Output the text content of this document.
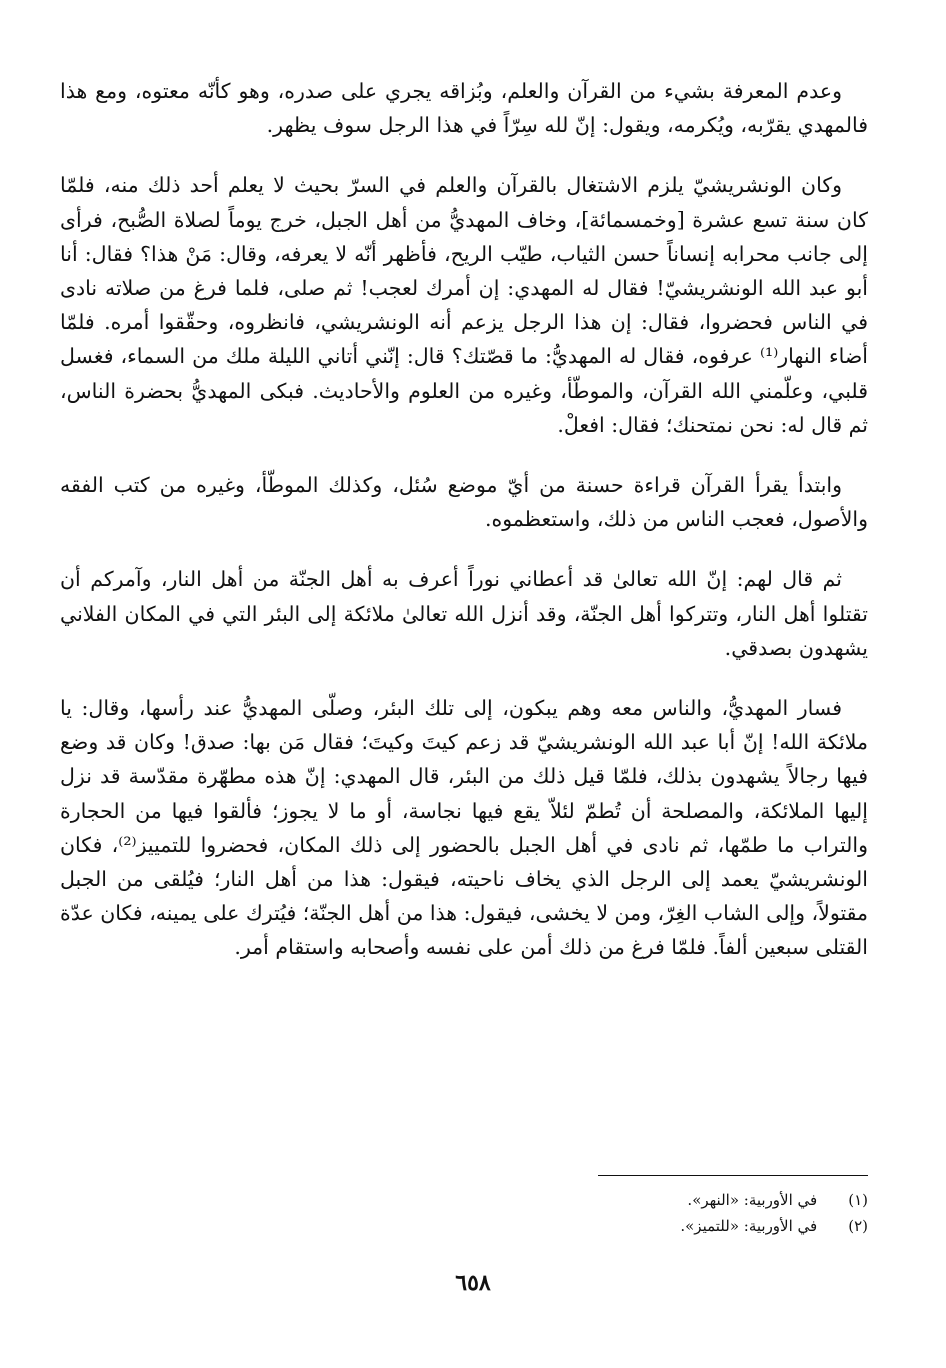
وعدم المعرفة بشيء من القرآن والعلم، وبُزاقه يجري على صدره، وهو كأنّه معتوه، ومع هذا فالمهدي يقرّبه، ويُكرمه، ويقول: إنّ لله سِرّاً في هذا الرجل سوف يظهر.

وكان الونشريشيّ يلزم الاشتغال بالقرآن والعلم في السرّ بحيث لا يعلم أحد ذلك منه، فلمّا كان سنة تسع عشرة [وخمسمائة]، وخاف المهديُّ من أهل الجبل، خرج يوماً لصلاة الصُّبح، فرأى إلى جانب محرابه إنساناً حسن الثياب، طيّب الريح، فأظهر أنّه لا يعرفه، وقال: مَنْ هذا؟ فقال: أنا أبو عبد الله الونشريشيّ! فقال له المهدي: إن أمرك لعجب! ثم صلى، فلما فرغ من صلاته نادى في الناس فحضروا، فقال: إن هذا الرجل يزعم أنه الونشريشي، فانظروه، وحقّقوا أمره. فلمّا أضاء النهار⁽¹⁾ عرفوه، فقال له المهديُّ: ما قصّتك؟ قال: إنّني أتاني الليلة ملك من السماء، فغسل قلبي، وعلّمني الله القرآن، والموطّأ، وغيره من العلوم والأحاديث. فبكى المهديُّ بحضرة الناس، ثم قال له: نحن نمتحنك؛ فقال: افعلْ.

وابتدأ يقرأ القرآن قراءة حسنة من أيّ موضع سُئل، وكذلك الموطّأ، وغيره من كتب الفقه والأصول، فعجب الناس من ذلك، واستعظموه.

ثم قال لهم: إنّ الله تعالىٰ قد أعطاني نوراً أعرف به أهل الجنّة من أهل النار، وآمركم أن تقتلوا أهل النار، وتتركوا أهل الجنّة، وقد أنزل الله تعالىٰ ملائكة إلى البئر التي في المكان الفلاني يشهدون بصدقي.

فسار المهديُّ، والناس معه وهم يبكون، إلى تلك البئر، وصلّى المهديُّ عند رأسها، وقال: يا ملائكة الله! إنّ أبا عبد الله الونشريشيّ قد زعم كيتَ وكيتَ؛ فقال مَن بها: صدق! وكان قد وضع فيها رجالاً يشهدون بذلك، فلمّا قيل ذلك من البئر، قال المهدي: إنّ هذه مطهّرة مقدّسة قد نزل إليها الملائكة، والمصلحة أن تُطمّ لئلاّ يقع فيها نجاسة، أو ما لا يجوز؛ فألقوا فيها من الحجارة والتراب ما طمّها، ثم نادى في أهل الجبل بالحضور إلى ذلك المكان، فحضروا للتمييز⁽²⁾، فكان الونشريشيّ يعمد إلى الرجل الذي يخاف ناحيته، فيقول: هذا من أهل النار؛ فيُلقى من الجبل مقتولاً، وإلى الشاب الغِرّ، ومن لا يخشى، فيقول: هذا من أهل الجنّة؛ فيُترك على يمينه، فكان عدّة القتلى سبعين ألفاً. فلمّا فرغ من ذلك أمن على نفسه وأصحابه واستقام أمر.

(١) في الأوربية: «النهر».
(٢) في الأوربية: «للتميز».
٦٥٨
